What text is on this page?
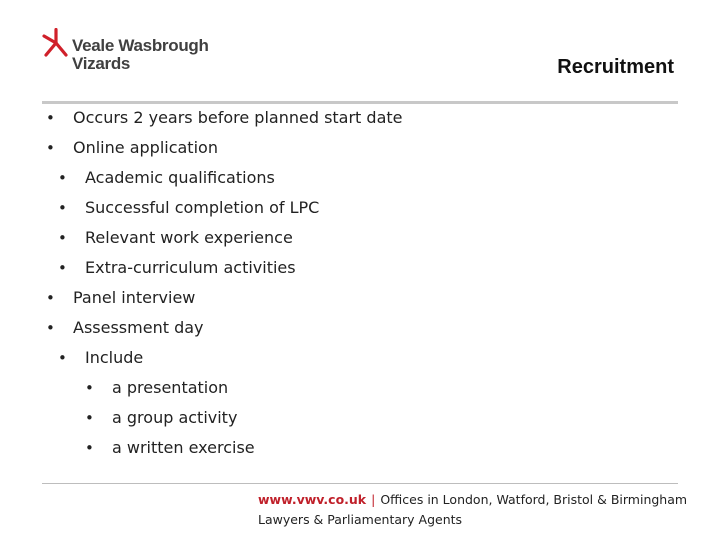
Veale Wasbrough
Vizards	Recruitment
• Occurs 2 years before planned start date
• Online application
• Academic qualifications
• Successful completion of LPC
• Relevant work experience
• Extra-curriculum activities
• Panel interview
• Assessment day
• Include
• a presentation
• a group activity
• a written exercise
www.vwv.co.uk | Offices in London, Watford, Bristol & Birmingham
Lawyers & Parliamentary Agents
